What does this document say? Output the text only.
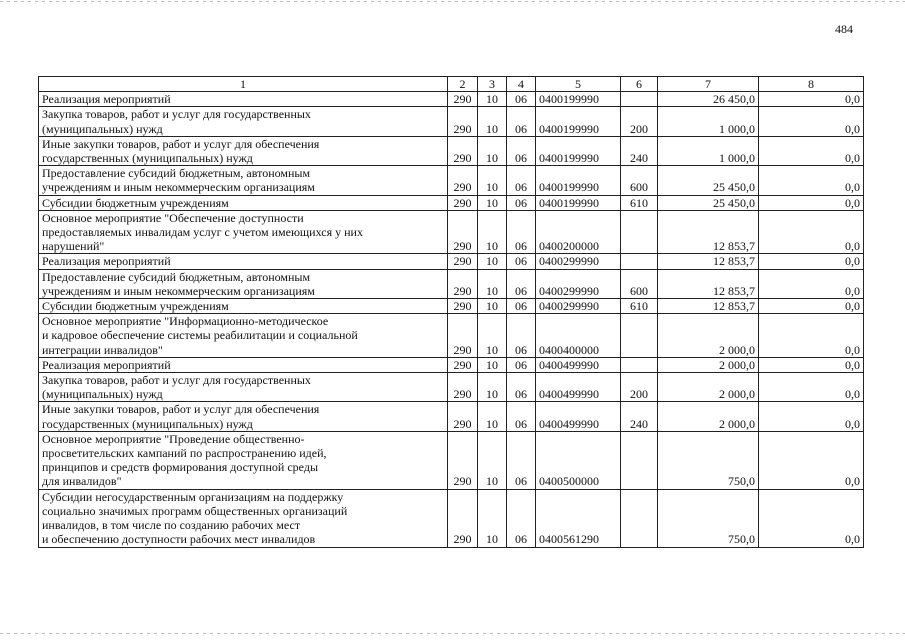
484
1	2	3	4	5	6	7	8
Реализация мероприятий	290	10	06	0400199990		26 450,0	0,0
Закупка товаров, работ и услуг для государственных
(муниципальных) нужд	290	10	06	0400199990	200	1 000,0	0,0
Иные закупки товаров, работ и услуг для обеспечения
государственных (муниципальных) нужд	290	10	06	0400199990	240	1 000,0	0,0
Предоставление субсидий бюджетным, автономным
учреждениям и иным некоммерческим организациям	290	10	06	0400199990	600	25 450,0	0,0
Субсидии бюджетным учреждениям	290	10	06	0400199990	610	25 450,0	0,0
Основное мероприятие "Обеспечение доступности
предоставляемых инвалидам услуг с учетом имеющихся у них
нарушений"	290	10	06	0400200000		12 853,7	0,0
Реализация мероприятий	290	10	06	0400299990		12 853,7	0,0
Предоставление субсидий бюджетным, автономным
учреждениям и иным некоммерческим организациям	290	10	06	0400299990	600	12 853,7	0,0
Субсидии бюджетным учреждениям	290	10	06	0400299990	610	12 853,7	0,0
Основное мероприятие "Информационно-методическое
и кадровое обеспечение системы реабилитации и социальной
интеграции инвалидов"	290	10	06	0400400000		2 000,0	0,0
Реализация мероприятий	290	10	06	0400499990		2 000,0	0,0
Закупка товаров, работ и услуг для государственных
(муниципальных) нужд	290	10	06	0400499990	200	2 000,0	0,0
Иные закупки товаров, работ и услуг для обеспечения
государственных (муниципальных) нужд	290	10	06	0400499990	240	2 000,0	0,0
Основное мероприятие "Проведение общественно-
просветительских кампаний по распространению идей,
принципов и средств формирования доступной среды
для инвалидов"	290	10	06	0400500000		750,0	0,0
Субсидии негосударственным организациям на поддержку
социально значимых программ общественных организаций
инвалидов, в том числе по созданию рабочих мест
и обеспечению доступности рабочих мест инвалидов	290	10	06	0400561290		750,0	0,0
